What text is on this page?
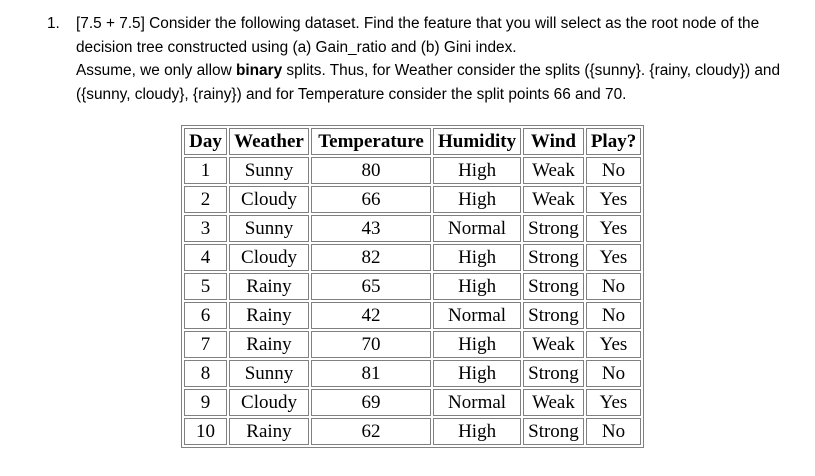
1. [7.5 + 7.5] Consider the following dataset. Find the feature that you will select as the root node of the decision tree constructed using (a) Gain_ratio and (b) Gini index.
Assume, we only allow binary splits. Thus, for Weather consider the splits ({sunny}. {rainy, cloudy}) and ({sunny, cloudy}, {rainy}) and for Temperature consider the split points 66 and 70.
Day	Weather	Temperature	Humidity	Wind	Play?
1	Sunny	80	High	Weak	No
2	Cloudy	66	High	Weak	Yes
3	Sunny	43	Normal	Strong	Yes
4	Cloudy	82	High	Strong	Yes
5	Rainy	65	High	Strong	No
6	Rainy	42	Normal	Strong	No
7	Rainy	70	High	Weak	Yes
8	Sunny	81	High	Strong	No
9	Cloudy	69	Normal	Weak	Yes
10	Rainy	62	High	Strong	No
